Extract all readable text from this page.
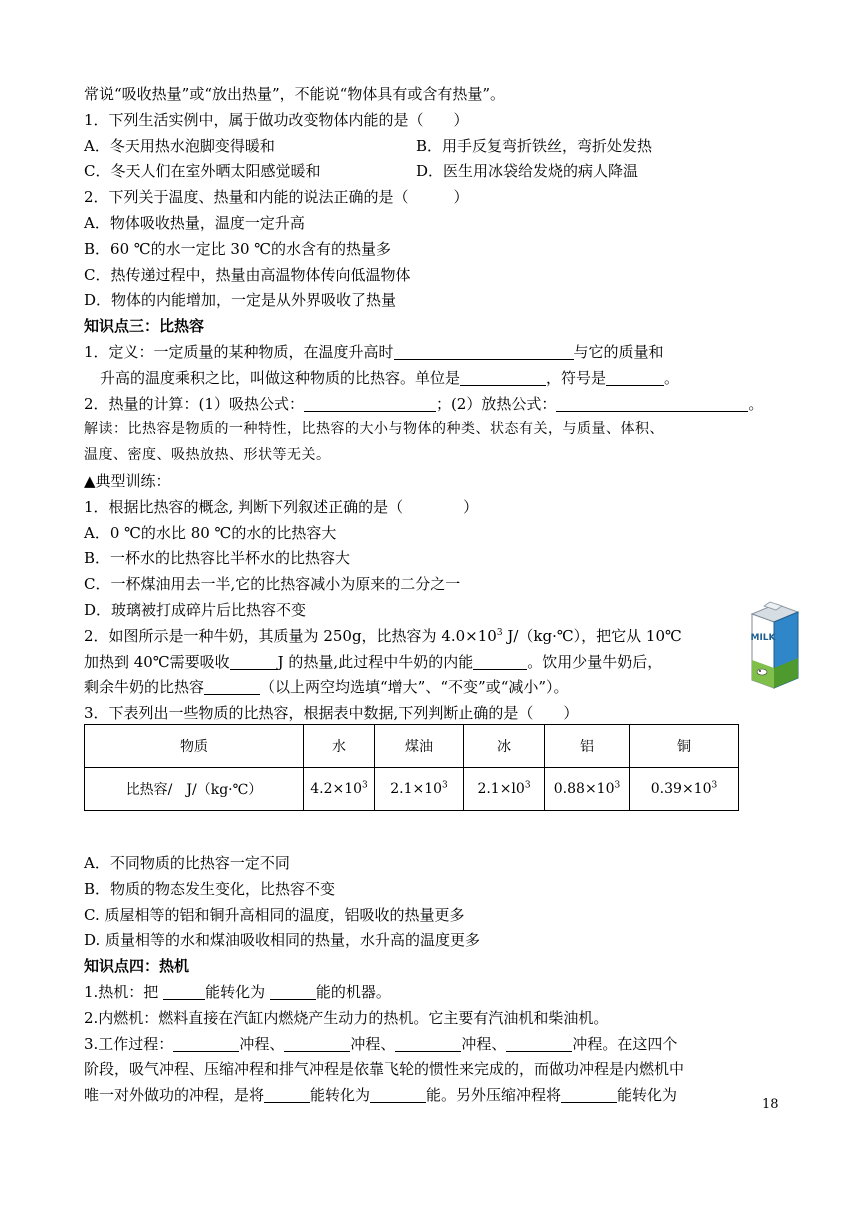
常说“吸收热量”或“放出热量”，不能说“物体具有或含有热量”。
1．下列生活实例中，属于做功改变物体内能的是（　　）
A．冬天用热水泡脚变得暖和	B．用手反复弯折铁丝，弯折处发热
C．冬天人们在室外晒太阳感觉暖和	D．医生用冰袋给发烧的病人降温
2．下列关于温度、热量和内能的说法正确的是（　　　）
A．物体吸收热量，温度一定升高
B．60 ℃的水一定比 30 ℃的水含有的热量多
C．热传递过程中，热量由高温物体传向低温物体
D．物体的内能增加，一定是从外界吸收了热量
知识点三：比热容
1．定义：一定质量的某种物质，在温度升高时	与它的质量和
升高的温度乘积之比，叫做这种物质的比热容。单位是	，符号是	。
2．热量的计算：(1）吸热公式：	；(2）放热公式：	。
解读：比热容是物质的一种特性，比热容的大小与物体的种类、状态有关，与质量、体积、
温度、密度、吸热放热、形状等无关。
▲典型训练：
1．根据比热容的概念, 判断下列叙述正确的是（　　　　）
A．0 ℃的水比 80 ℃的水的比热容大
B．一杯水的比热容比半杯水的比热容大
C．一杯煤油用去一半,它的比热容减小为原来的二分之一
D．玻璃被打成碎片后比热容不变
2．如图所示是一种牛奶，其质量为 250g，比热容为 $4.0\times 10^3$ J/（kg·℃），把它从 10℃
加热到 40℃需要吸收	J 的热量,此过程中牛奶的内能	。饮用少量牛奶后，
剩余牛奶的比热容	（以上两空均选填“增大”、“不变”或“减小”）。
3．下表列出一些物质的比热容，根据表中数据,下列判断止确的是（　　）
A．不同物质的比热容一定不同
B．物质的物态发生变化，比热容不变
C. 质屋相等的铝和铜升高相同的温度，铝吸收的热量更多
D. 质量相等的水和煤油吸收相同的热量，水升高的温度更多
知识点四：热机
1.热机：把	能转化为	能的机器。
2.内燃机：燃料直接在汽缸内燃烧产生动力的热机。它主要有汽油机和柴油机。
3.工作过程：	冲程、	冲程、	冲程、	冲程。在这四个
阶段，吸气冲程、压缩冲程和排气冲程是依靠飞轮的惯性来完成的，而做功冲程是内燃机中
唯一对外做功的冲程，是将	能转化为	能。另外压缩冲程将	能转化为
物质	水	煤油	冰	铝	铜
比热容/　J/（kg·℃）	$4.2\times 10^3$	$2.1\times 10^3$	$2.1\times l0^3$	$0.88\times 10^3$	$0.39\times 10^3$
MILK
18
